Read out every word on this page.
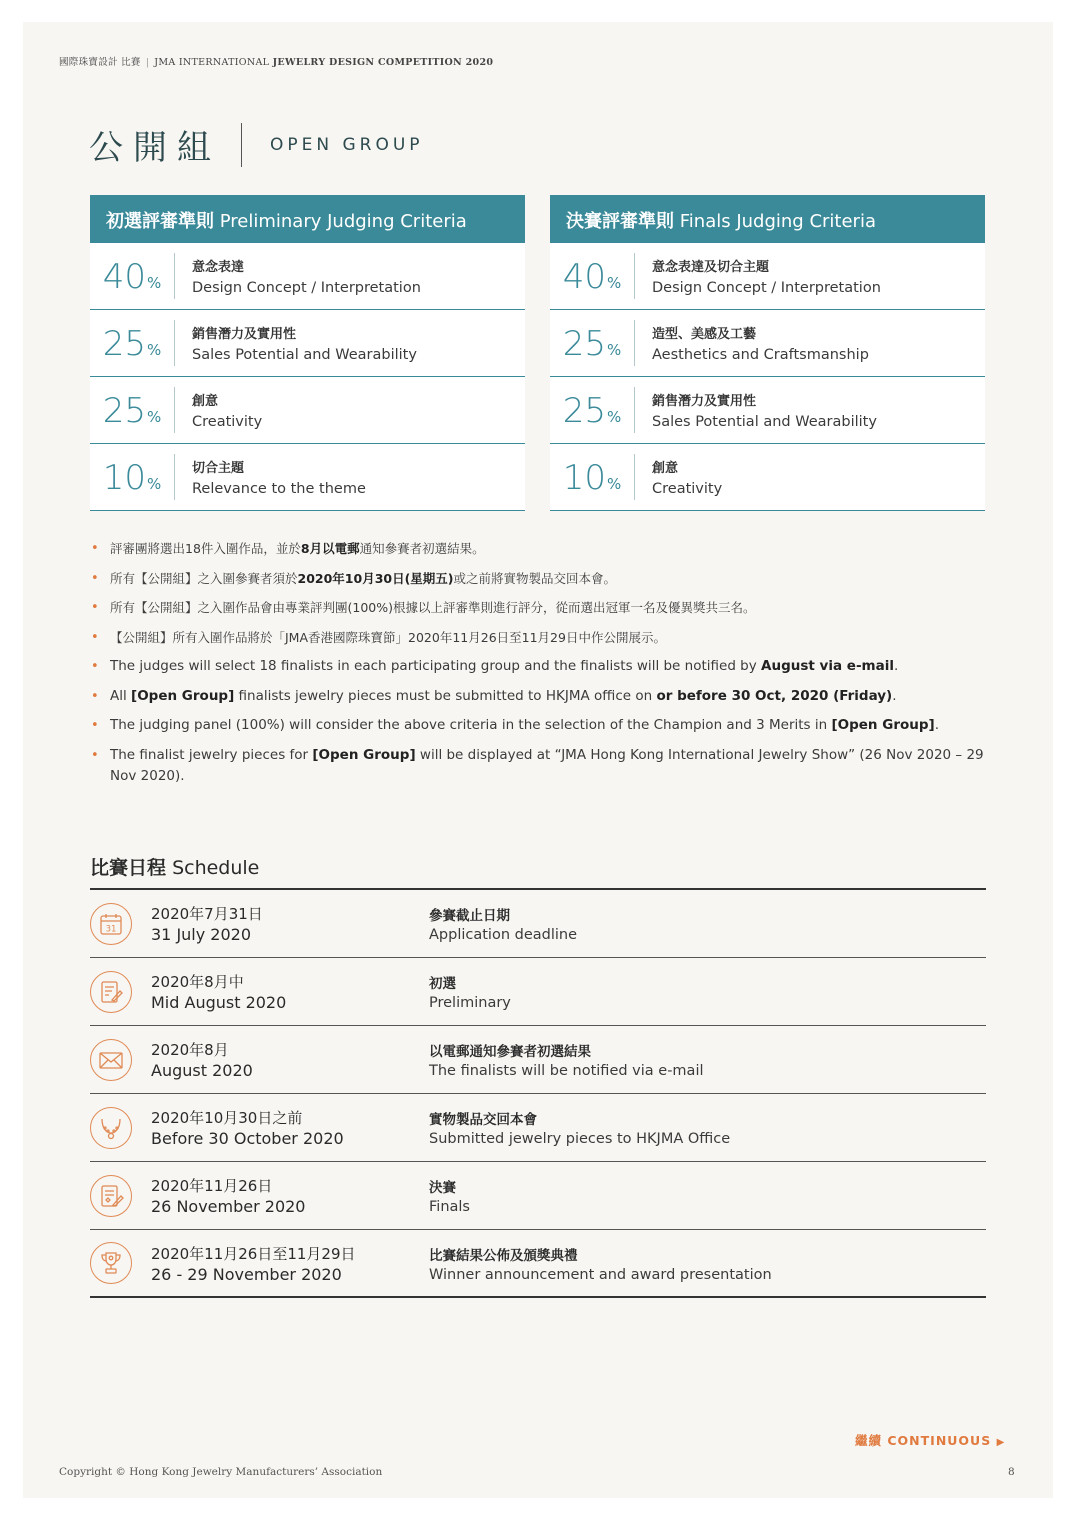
國際珠寶設計 比賽 | JMA INTERNATIONAL JEWELRY DESIGN COMPETITION 2020
公開組	OPEN GROUP
初選評審準則 Preliminary Judging Criteria
40 %
意念表達
Design Concept / Interpretation
25 %
銷售潛力及實用性
Sales Potential and Wearability
25 %
創意
Creativity
10 %
切合主題
Relevance to the theme
決賽評審準則 Finals Judging Criteria
40 %
意念表達及切合主題
Design Concept / Interpretation
25 %
造型、美感及工藝
Aesthetics and Craftsmanship
25 %
銷售潛力及實用性
Sales Potential and Wearability
10 %
創意
Creativity
• 評審團將選出18件入圍作品，並於8月以電郵通知參賽者初選結果。
• 所有【公開組】之入圍參賽者須於2020年10月30日(星期五)或之前將實物製品交回本會。
• 所有【公開組】之入圍作品會由專業評判團(100%)根據以上評審準則進行評分，從而選出冠軍一名及優異獎共三名。
• 【公開組】所有入圍作品將於「JMA香港國際珠寶節」2020年11月26日至11月29日中作公開展示。
• The judges will select 18 finalists in each participating group and the finalists will be notified by August via e-mail.
• All [Open Group] finalists jewelry pieces must be submitted to HKJMA office on or before 30 Oct, 2020 (Friday).
• The judging panel (100%) will consider the above criteria in the selection of the Champion and 3 Merits in [Open Group].
• The finalist jewelry pieces for [Open Group] will be displayed at “JMA Hong Kong International Jewelry Show” (26 Nov 2020 – 29 Nov 2020).
比賽日程 Schedule
31
2020年7月31日
31 July 2020
參賽截止日期
Application deadline
2020年8月中
Mid August 2020
初選
Preliminary
2020年8月
August 2020
以電郵通知參賽者初選結果
The finalists will be notified via e-mail
2020年10月30日之前
Before 30 October 2020
實物製品交回本會
Submitted jewelry pieces to HKJMA Office
2020年11月26日
26 November 2020
決賽
Finals
2020年11月26日至11月29日
26 - 29 November 2020
比賽結果公佈及頒獎典禮
Winner announcement and award presentation
繼續 CONTINUOUS ▶
Copyright © Hong Kong Jewelry Manufacturers’ Association	8
